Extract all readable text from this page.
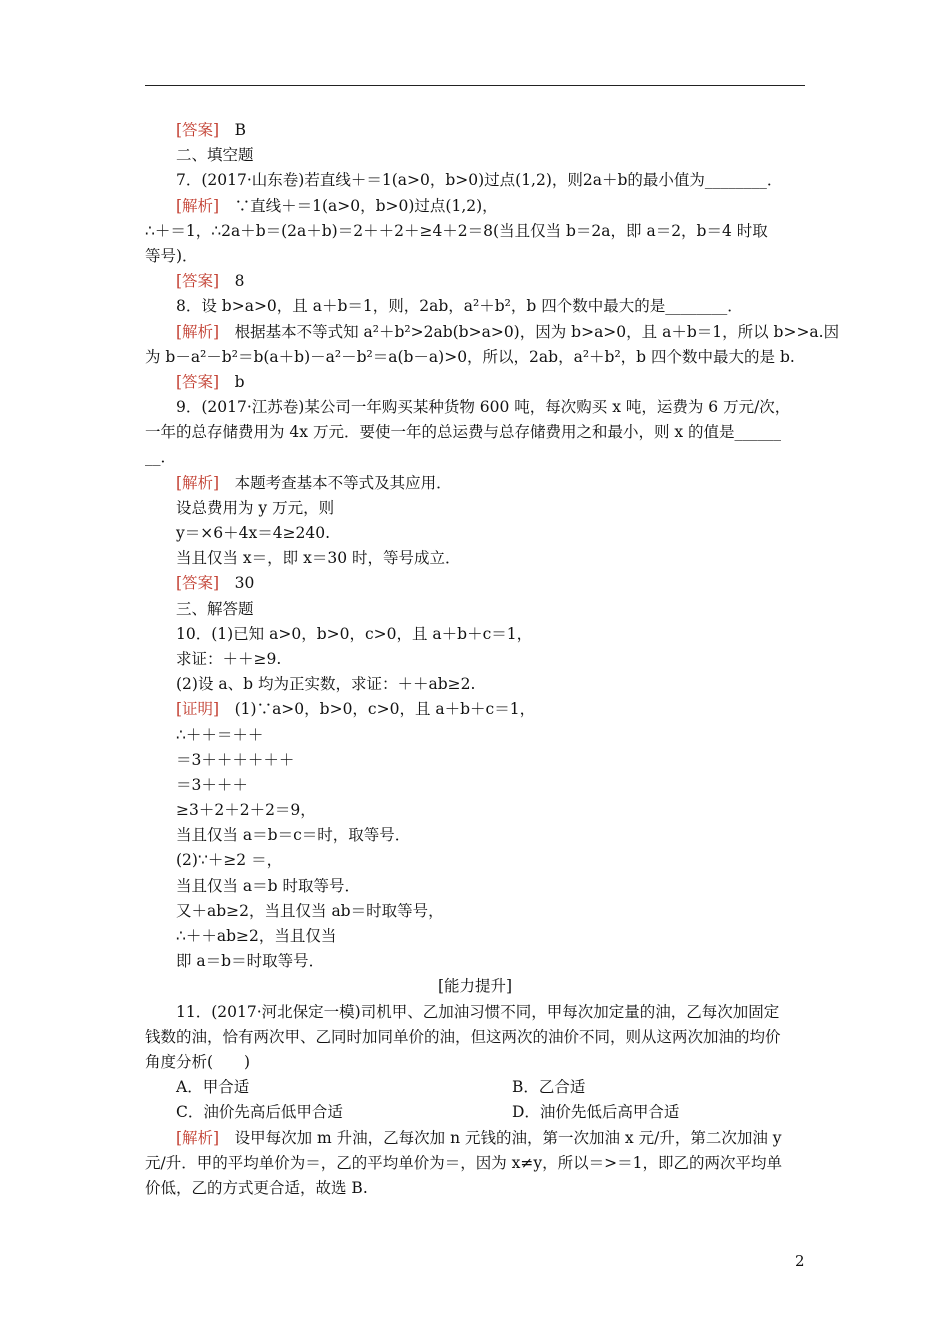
[答案]　B
二、填空题
7．(2017·山东卷)若直线＋＝1(a>0，b>0)过点(1,2)，则2a＋b的最小值为________．
[解析]　∵直线＋＝1(a>0，b>0)过点(1,2)，
∴＋＝1，∴2a＋b＝(2a＋b)＝2＋＋2＋≥4＋2＝8(当且仅当 b＝2a，即 a＝2，b＝4 时取
等号)．
[答案]　8
8．设 b>a>0，且 a＋b＝1，则，2ab，a²＋b²，b 四个数中最大的是________．
[解析]　根据基本不等式知 a²＋b²>2ab(b>a>0)，因为 b>a>0，且 a＋b＝1，所以 b>>a.因
为 b－a²－b²＝b(a＋b)－a²－b²＝a(b－a)>0，所以，2ab，a²＋b²，b 四个数中最大的是 b.
[答案]　b
9．(2017·江苏卷)某公司一年购买某种货物 600 吨，每次购买 x 吨，运费为 6 万元/次，
一年的总存储费用为 4x 万元．要使一年的总运费与总存储费用之和最小，则 x 的值是______
__．
[解析]　本题考查基本不等式及其应用．
设总费用为 y 万元，则
y＝×6＋4x＝4≥240.
当且仅当 x＝，即 x＝30 时，等号成立．
[答案]　30
三、解答题
10．(1)已知 a>0，b>0，c>0，且 a＋b＋c＝1，
求证：＋＋≥9.
(2)设 a、b 均为正实数，求证：＋＋ab≥2.
[证明]　(1)∵a>0，b>0，c>0，且 a＋b＋c＝1，
∴＋＋＝＋＋
＝3＋＋＋＋＋＋
＝3＋＋＋
≥3＋2＋2＋2＝9，
当且仅当 a＝b＝c＝时，取等号．
(2)∵＋≥2 ＝，
当且仅当 a＝b 时取等号．
又＋ab≥2，当且仅当 ab＝时取等号，
∴＋＋ab≥2，当且仅当
即 a＝b＝时取等号．
[能力提升]
11．(2017·河北保定一模)司机甲、乙加油习惯不同，甲每次加定量的油，乙每次加固定
钱数的油，恰有两次甲、乙同时加同单价的油，但这两次的油价不同，则从这两次加油的均价
角度分析(　　)
A．甲合适	B．乙合适
C．油价先高后低甲合适	D．油价先低后高甲合适
[解析]　设甲每次加 m 升油，乙每次加 n 元钱的油，第一次加油 x 元/升，第二次加油 y
元/升．甲的平均单价为＝，乙的平均单价为＝，因为 x≠y，所以＝>＝1，即乙的两次平均单
价低，乙的方式更合适，故选 B.
2
